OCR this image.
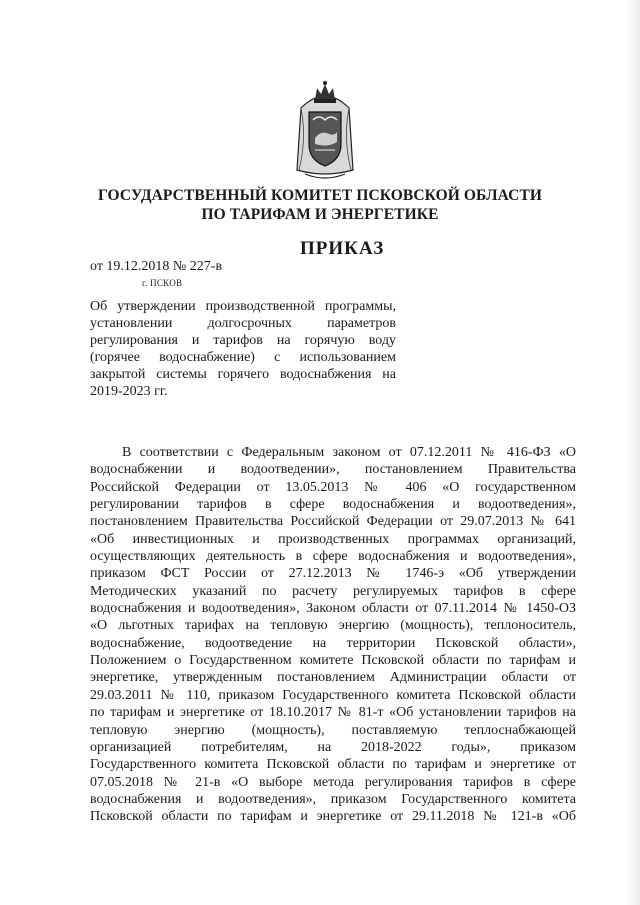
ГОСУДАРСТВЕННЫЙ КОМИТЕТ ПСКОВСКОЙ ОБЛАСТИ
ПО ТАРИФАМ И ЭНЕРГЕТИКЕ
ПРИКАЗ
от 19.12.2018 № 227-в
г. ПСКОВ
Об утверждении производственной программы,
установлении долгосрочных параметров
регулирования и тарифов на горячую воду
(горячее водоснабжение) с использованием
закрытой системы горячего водоснабжения на
2019-2023 гг.
В соответствии с Федеральным законом от 07.12.2011 № 416-ФЗ «О
водоснабжении и водоотведении», постановлением Правительства
Российской Федерации от 13.05.2013 № 406 «О государственном
регулировании тарифов в сфере водоснабжения и водоотведения»,
постановлением Правительства Российской Федерации от 29.07.2013 № 641
«Об инвестиционных и производственных программах организаций,
осуществляющих деятельность в сфере водоснабжения и водоотведения»,
приказом ФСТ России от 27.12.2013 № 1746-э «Об утверждении
Методических указаний по расчету регулируемых тарифов в сфере
водоснабжения и водоотведения», Законом области от 07.11.2014 № 1450-ОЗ
«О льготных тарифах на тепловую энергию (мощность), теплоноситель,
водоснабжение, водоотведение на территории Псковской области»,
Положением о Государственном комитете Псковской области по тарифам и
энергетике, утвержденным постановлением Администрации области от
29.03.2011 № 110, приказом Государственного комитета Псковской области
по тарифам и энергетике от 18.10.2017 № 81-т «Об установлении тарифов на
тепловую энергию (мощность), поставляемую теплоснабжающей
организацией потребителям, на 2018-2022 годы», приказом
Государственного комитета Псковской области по тарифам и энергетике от
07.05.2018 № 21-в «О выборе метода регулирования тарифов в сфере
водоснабжения и водоотведения», приказом Государственного комитета
Псковской области по тарифам и энергетике от 29.11.2018 № 121-в «Об
